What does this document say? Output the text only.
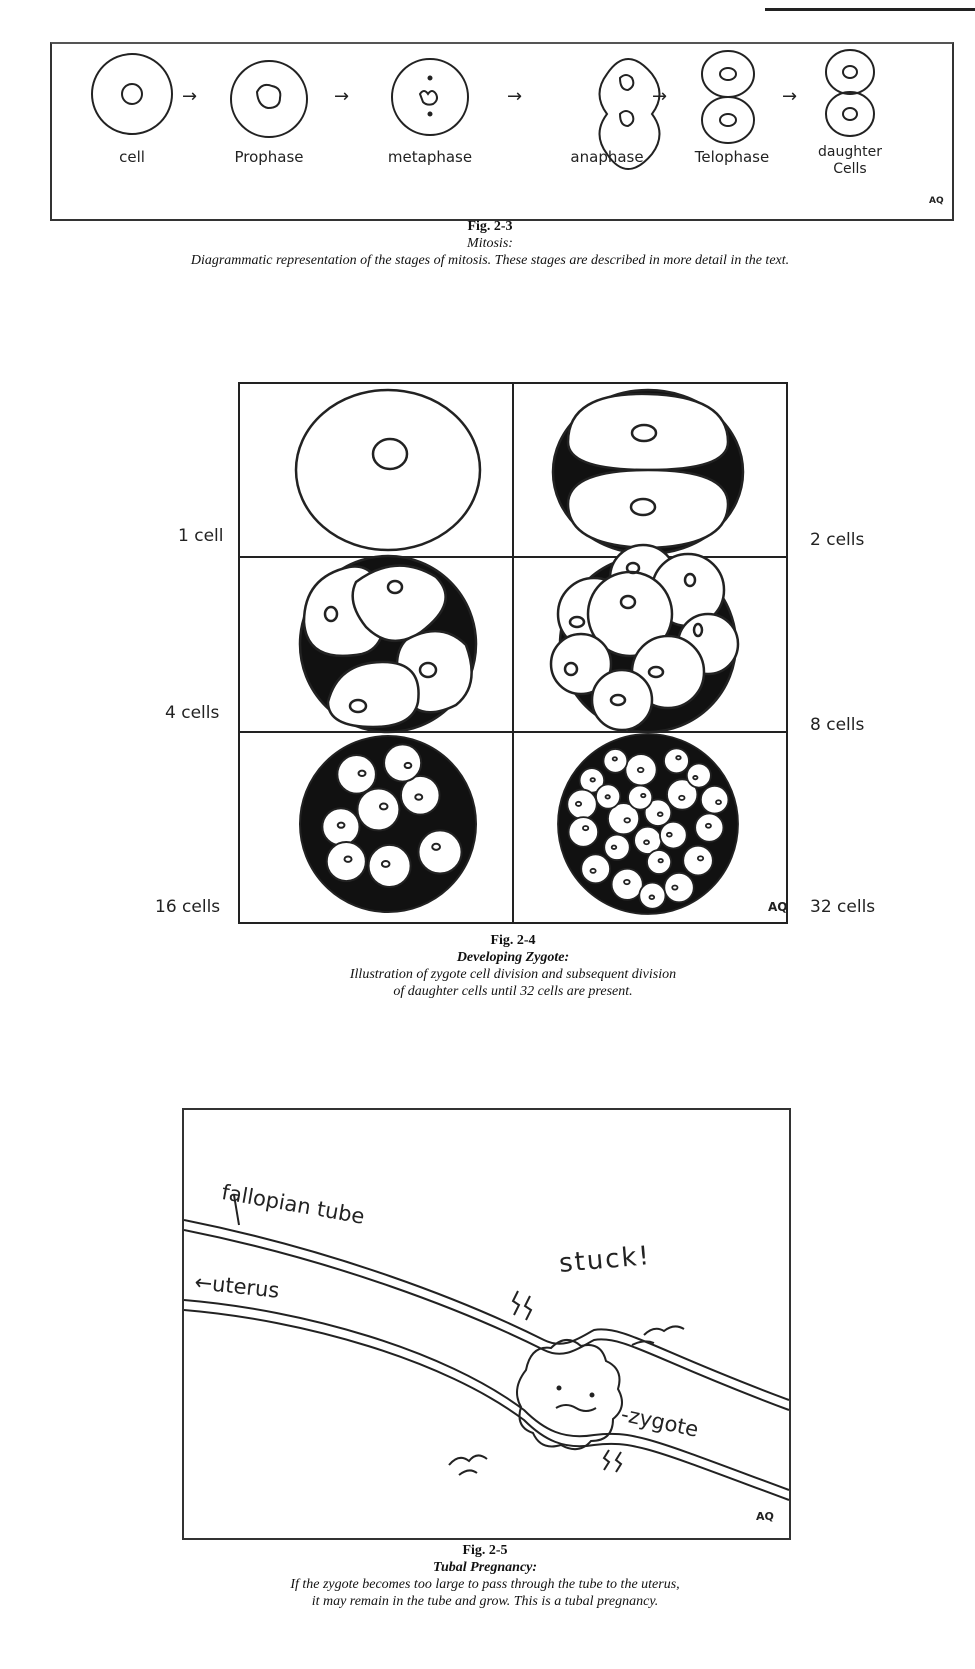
→	→	→	→	→
cell	Prophase	metaphase	anaphase	Telophase	daughter Cells
AQ
Fig. 2-3
Mitosis:
Diagrammatic representation of the stages of mitosis. These stages are described in more detail in the text.
1 cell
4 cells
16 cells
2 cells
8 cells
32 cells
AQ
Fig. 2-4
Developing Zygote:
Illustration of zygote cell division and subsequent division
of daughter cells until 32 cells are present.
fallopian tube
←uterus
stuck!
-zygote
AQ
Fig. 2-5
Tubal Pregnancy:
If the zygote becomes too large to pass through the tube to the uterus,
it may remain in the tube and grow. This is a tubal pregnancy.
